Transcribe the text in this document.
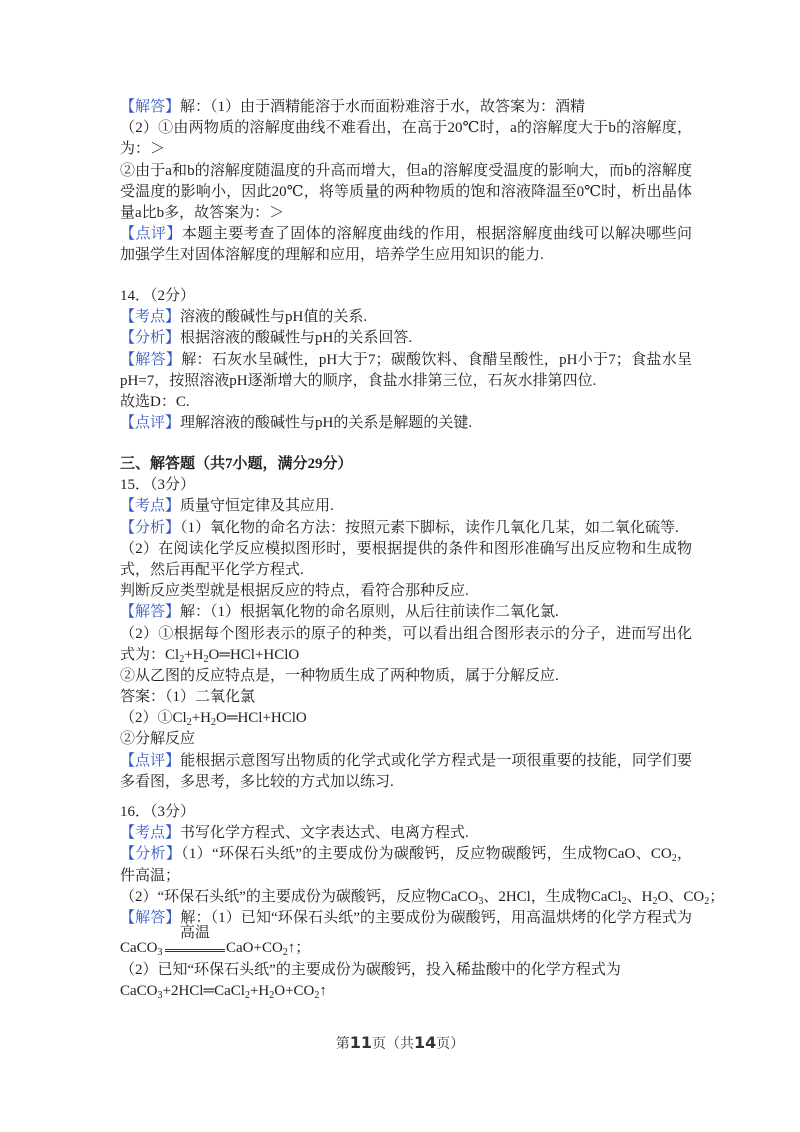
【解答】解：（1）由于酒精能溶于水而面粉难溶于水，故答案为：酒精
（2）①由两物质的溶解度曲线不难看出，在高于20℃时，a的溶解度大于b的溶解度，
为：＞
②由于a和b的溶解度随温度的升高而增大，但a的溶解度受温度的影响大，而b的溶解度
受温度的影响小，因此20℃，将等质量的两种物质的饱和溶液降温至0℃时，析出晶体
量a比b多，故答案为：＞
【点评】本题主要考查了固体的溶解度曲线的作用，根据溶解度曲线可以解决哪些问
加强学生对固体溶解度的理解和应用，培养学生应用知识的能力.
14．（2分）
【考点】溶液的酸碱性与pH值的关系.
【分析】根据溶液的酸碱性与pH的关系回答.
【解答】解：石灰水呈碱性，pH大于7；碳酸饮料、食醋呈酸性，pH小于7；食盐水呈
pH=7，按照溶液pH逐渐增大的顺序，食盐水排第三位，石灰水排第四位.
故选D：C.
【点评】理解溶液的酸碱性与pH的关系是解题的关键.
三、解答题（共7小题，满分29分）
15．（3分）
【考点】质量守恒定律及其应用.
【分析】（1）氧化物的命名方法：按照元素下脚标，读作几氧化几某，如二氧化硫等.
（2）在阅读化学反应模拟图形时，要根据提供的条件和图形准确写出反应物和生成物
式，然后再配平化学方程式.
判断反应类型就是根据反应的特点，看符合那种反应.
【解答】解：（1）根据氧化物的命名原则，从后往前读作二氧化氯.
（2）①根据每个图形表示的原子的种类，可以看出组合图形表示的分子，进而写出化
式为：$Cl_2+H_2O═HCl+HClO$
②从乙图的反应特点是，一种物质生成了两种物质，属于分解反应.
答案：（1）二氧化氯
$(2)①Cl_2+H_2O═HCl+HClO$
②分解反应
【点评】能根据示意图写出物质的化学式或化学方程式是一项很重要的技能，同学们要
多看图，多思考，多比较的方式加以练习.
16．（3分）
【考点】书写化学方程式、文字表达式、电离方程式.
【分析】（1）“环保石头纸”的主要成份为碳酸钙，反应物碳酸钙，生成物CaO、$CO_2$，
件高温；
（2）“环保石头纸”的主要成份为碳酸钙，反应物CaCO$_3$、2HCl，生成物CaCl$_2$、$H_2O$、$CO_2$；
【解答】解：（1）已知“环保石头纸”的主要成份为碳酸钙，用高温烘烤的化学方程式为
CaCO$_3$
高温
$CaO+CO_2↑$；
（2）已知“环保石头纸”的主要成份为碳酸钙，投入稀盐酸中的化学方程式为
$CaCO_3+2HCl═CaCl_2+H_2O+CO_2↑$
第11页（共14页）
